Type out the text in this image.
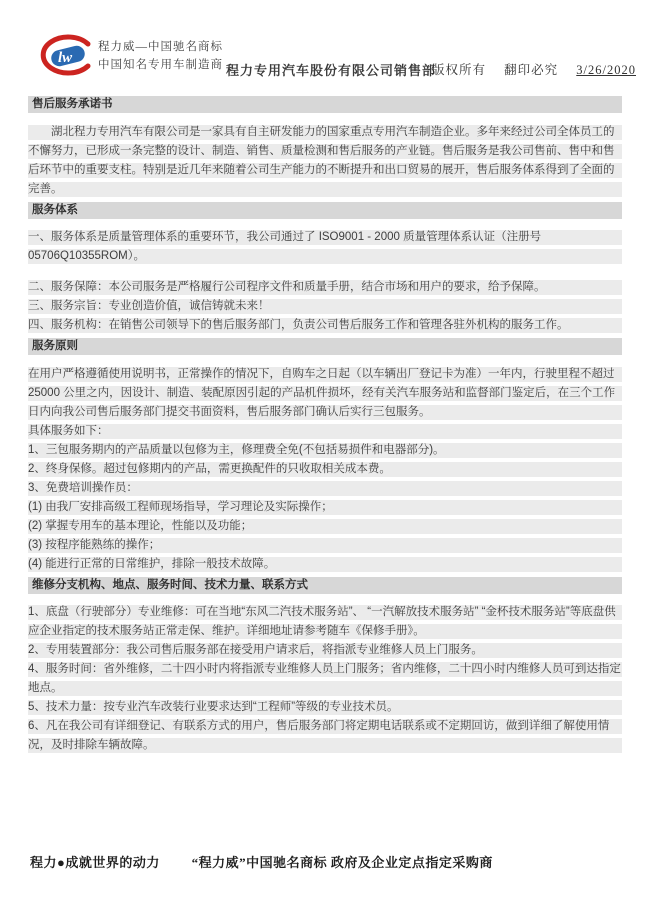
lw
程力威—中国驰名商标
中国知名专用车制造商 程力专用汽车股份有限公司销售部
版权所有 翻印必究 3/26/2020
售后服务承诺书

湖北程力专用汽车有限公司是一家具有自主研发能力的国家重点专用汽车制造企业。多年来经过公司全体员工的不懈努力，已形成一条完整的设计、制造、销售、质量检测和售后服务的产业链。售后服务是我公司售前、售中和售后环节中的重要支柱。特别是近几年来随着公司生产能力的不断提升和出口贸易的展开，售后服务体系得到了全面的完善。

服务体系

一、服务体系是质量管理体系的重要环节，我公司通过了 ISO9001 - 2000 质量管理体系认证（注册号 05706Q10355ROM）。

二、服务保障：本公司服务是严格履行公司程序文件和质量手册，结合市场和用户的要求，给予保障。

三、服务宗旨：专业创造价值，诚信铸就未来！

四、服务机构：在销售公司领导下的售后服务部门，负责公司售后服务工作和管理各驻外机构的服务工作。

服务原则

在用户严格遵循使用说明书，正常操作的情况下，自购车之日起（以车辆出厂登记卡为准）一年内，行驶里程不超过 25000 公里之内，因设计、制造、装配原因引起的产品机件损坏，经有关汽车服务站和监督部门鉴定后，在三个工作日内向我公司售后服务部门提交书面资料，售后服务部门确认后实行三包服务。

具体服务如下：

1、三包服务期内的产品质量以包修为主，修理费全免(不包括易损件和电器部分)。

2、终身保修。超过包修期内的产品，需更换配件的只收取相关成本费。

3、免费培训操作员：

(1) 由我厂安排高级工程师现场指导，学习理论及实际操作；

(2) 掌握专用车的基本理论，性能以及功能；

(3) 按程序能熟练的操作；

(4) 能进行正常的日常维护，排除一般技术故障。

维修分支机构、地点、服务时间、技术力量、联系方式

1、底盘（行驶部分）专业维修：可在当地“东风二汽技术服务站”、 “一汽解放技术服务站” “金杯技术服务站”等底盘供应企业指定的技术服务站正常走保、维护。详细地址请参考随车《保修手册》。

2、专用装置部分：我公司售后服务部在接受用户请求后，将指派专业维修人员上门服务。

4、服务时间：省外维修，二十四小时内将指派专业维修人员上门服务；省内维修，二十四小时内维修人员可到达指定地点。

5、技术力量：按专业汽车改装行业要求达到“工程师”等级的专业技术员。

6、凡在我公司有详细登记、有联系方式的用户，售后服务部门将定期电话联系或不定期回访，做到详细了解使用情况，及时排除车辆故障。

程力●成就世界的动力 “程力威”中国驰名商标 政府及企业定点指定采购商
